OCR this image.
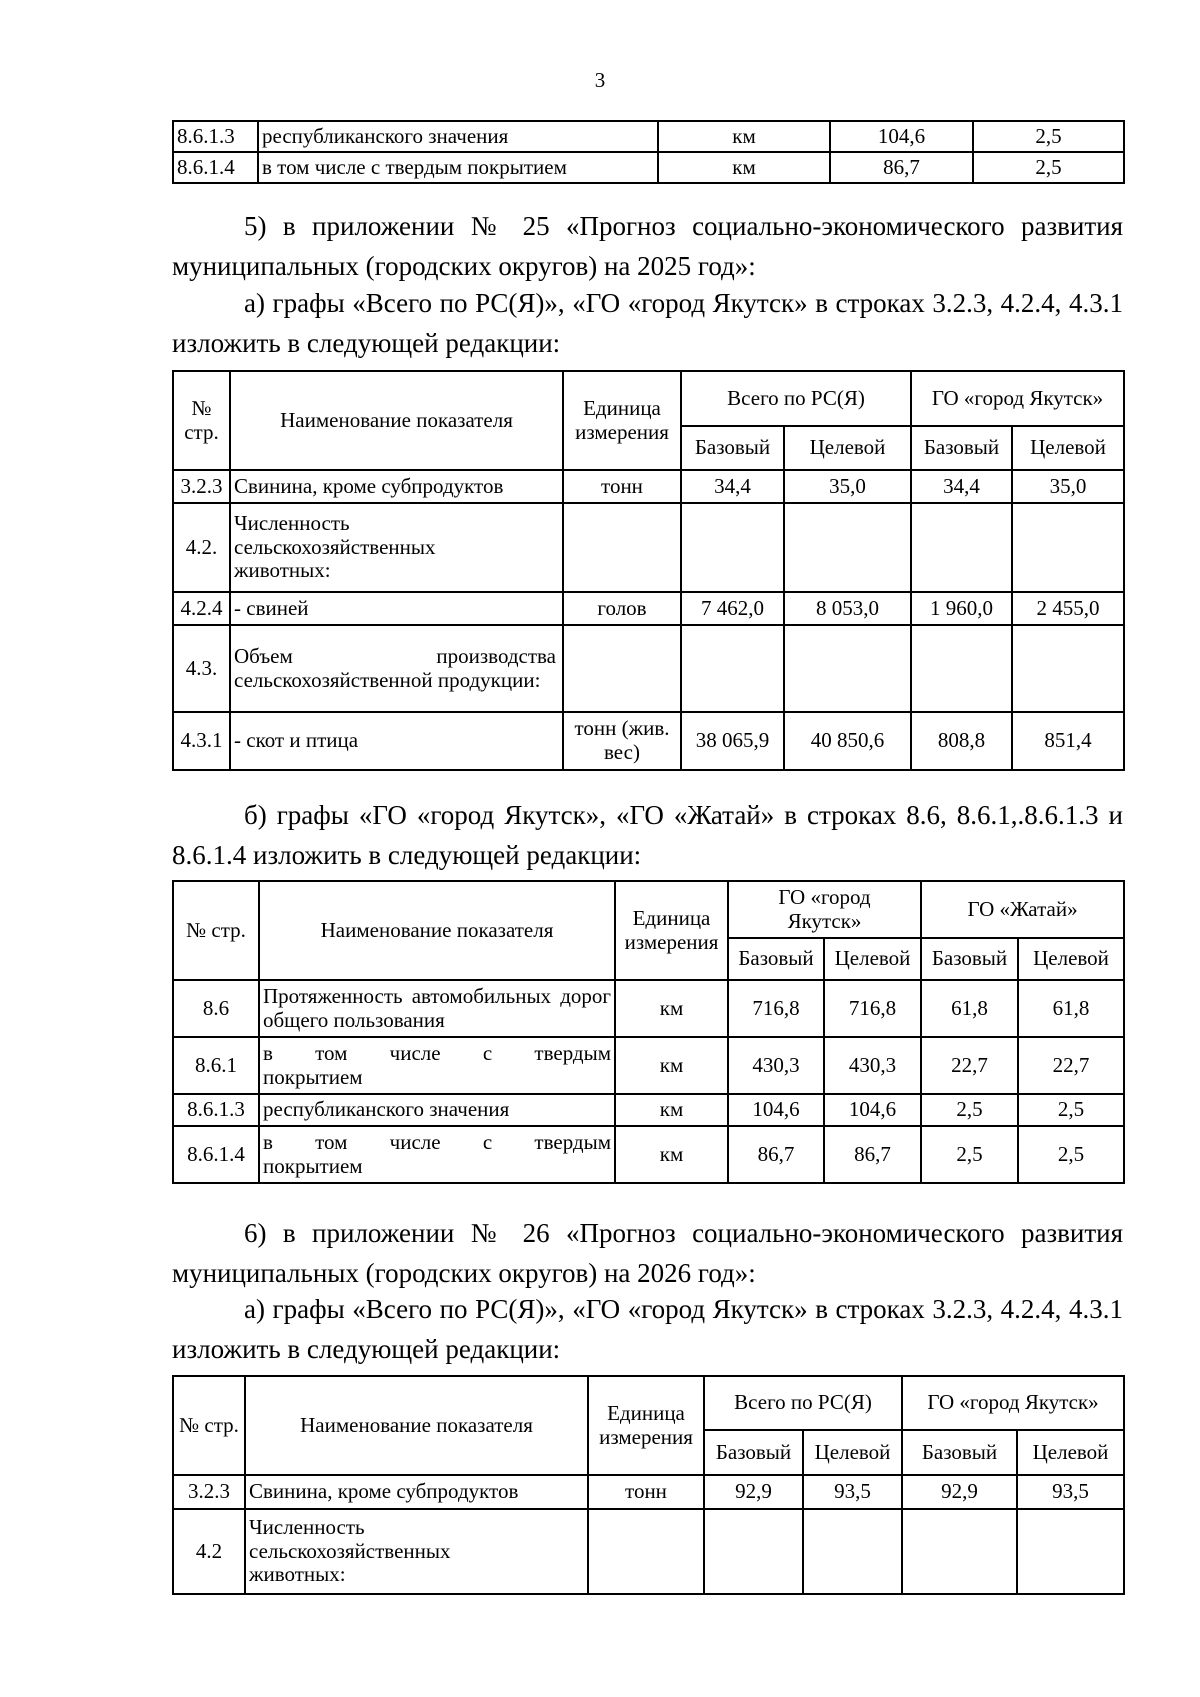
3
8.6.1.3	республиканского значения	км	104,6	2,5
8.6.1.4	в том числе с твердым покрытием	км	86,7	2,5

5) в приложении № 25 «Прогноз социально-экономического развития муниципальных (городских округов) на 2025 год»:

а) графы «Всего по РС(Я)», «ГО «город Якутск» в строках 3.2.3, 4.2.4, 4.3.1 изложить в следующей редакции:

№ стр.	Наименование показателя	Единица измерения	Всего по РС(Я)		ГО «город Якутск»	
			Базовый	Целевой	Базовый	Целевой
3.2.3	Свинина, кроме субпродуктов	тонн	34,4	35,0	34,4	35,0
4.2.	Численность сельскохозяйственных животных:					
4.2.4	- свиней	голов	7 462,0	8 053,0	1 960,0	2 455,0
4.3.	Объем производства сельскохозяйственной продукции:					
4.3.1	- скот и птица	тонн (жив. вес)	38 065,9	40 850,6	808,8	851,4

б) графы «ГО «город Якутск», «ГО «Жатай» в строках 8.6, 8.6.1,.8.6.1.3 и 8.6.1.4 изложить в следующей редакции:

№ стр.	Наименование показателя	Единица измерения	ГО «город Якутск»		ГО «Жатай»	
			Базовый	Целевой	Базовый	Целевой
8.6	Протяженность автомобильных дорог общего пользования	км	716,8	716,8	61,8	61,8
8.6.1	в том числе с твердым покрытием	км	430,3	430,3	22,7	22,7
8.6.1.3	республиканского значения	км	104,6	104,6	2,5	2,5
8.6.1.4	в том числе с твердым покрытием	км	86,7	86,7	2,5	2,5

6) в приложении № 26 «Прогноз социально-экономического развития муниципальных (городских округов) на 2026 год»:

а) графы «Всего по РС(Я)», «ГО «город Якутск» в строках 3.2.3, 4.2.4, 4.3.1 изложить в следующей редакции:

№ стр.	Наименование показателя	Единица измерения	Всего по РС(Я)		ГО «город Якутск»	
			Базовый	Целевой	Базовый	Целевой
3.2.3	Свинина, кроме субпродуктов	тонн	92,9	93,5	92,9	93,5
4.2	Численность сельскохозяйственных животных:					
